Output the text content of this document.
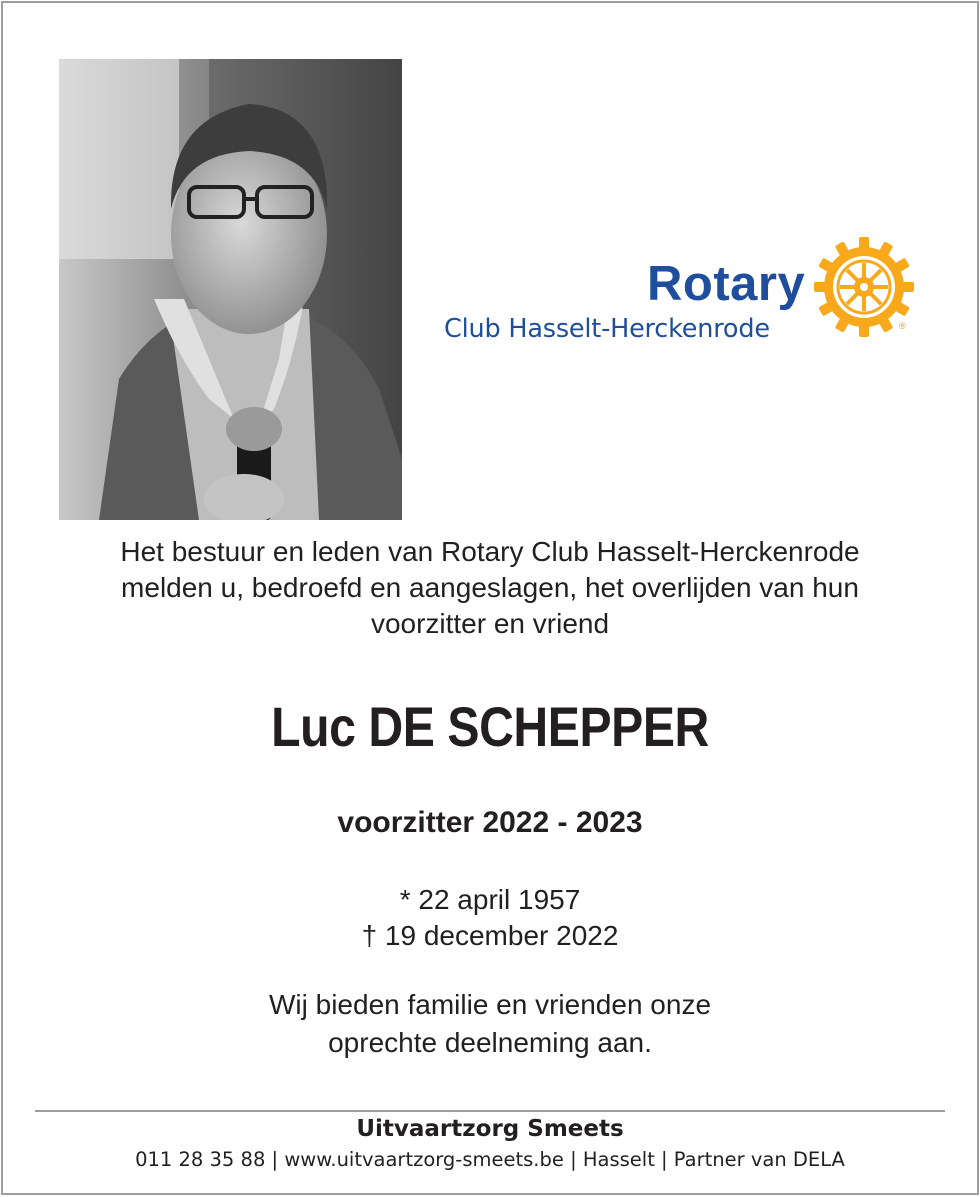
Rotary
Club Hasselt-Herckenrode	®
Het bestuur en leden van Rotary Club Hasselt-Herckenrode
melden u, bedroefd en aangeslagen, het overlijden van hun
voorzitter en vriend
Luc DE SCHEPPER
voorzitter 2022 - 2023
* 22 april 1957
† 19 december 2022
Wij bieden familie en vrienden onze
oprechte deelneming aan.
Uitvaartzorg Smeets
011 28 35 88 | www.uitvaartzorg-smeets.be | Hasselt | Partner van DELA
